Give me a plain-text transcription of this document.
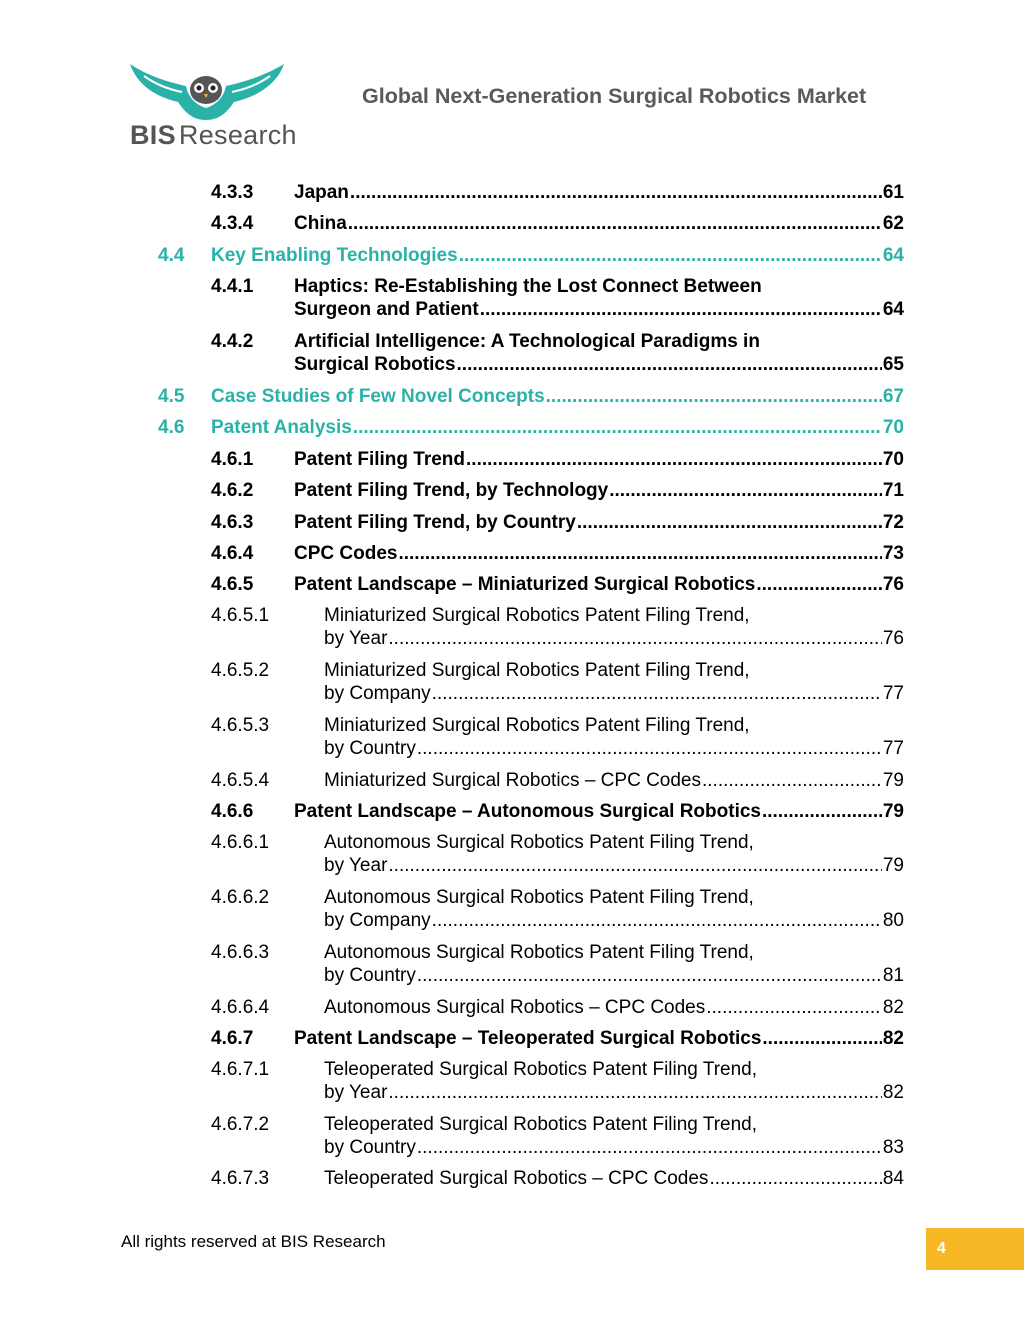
BIS Research
Global Next-Generation Surgical Robotics Market
4.3.3 Japan .....	61
4.3.4 China .....	62
4.4 Key Enabling Technologies .....	64
4.4.1 Haptics: Re-Establishing the Lost Connect Between
Surgeon and Patient .....	64
4.4.2 Artificial Intelligence: A Technological Paradigms in
Surgical Robotics .....	65
4.5 Case Studies of Few Novel Concepts .....	67
4.6 Patent Analysis .....	70
4.6.1 Patent Filing Trend .....	70
4.6.2 Patent Filing Trend, by Technology .....	71
4.6.3 Patent Filing Trend, by Country .....	72
4.6.4 CPC Codes .....	73
4.6.5 Patent Landscape – Miniaturized Surgical Robotics .....	76
4.6.5.1	Miniaturized Surgical Robotics Patent Filing Trend,
by Year .....	76
4.6.5.2	Miniaturized Surgical Robotics Patent Filing Trend,
by Company .....	77
4.6.5.3	Miniaturized Surgical Robotics Patent Filing Trend,
by Country .....	77
4.6.5.4	Miniaturized Surgical Robotics – CPC Codes .....	79
4.6.6 Patent Landscape – Autonomous Surgical Robotics .....	79
4.6.6.1	Autonomous Surgical Robotics Patent Filing Trend,
by Year .....	79
4.6.6.2	Autonomous Surgical Robotics Patent Filing Trend,
by Company .....	80
4.6.6.3	Autonomous Surgical Robotics Patent Filing Trend,
by Country .....	81
4.6.6.4	Autonomous Surgical Robotics – CPC Codes .....	82
4.6.7 Patent Landscape – Teleoperated Surgical Robotics .....	82
4.6.7.1	Teleoperated Surgical Robotics Patent Filing Trend,
by Year .....	82
4.6.7.2	Teleoperated Surgical Robotics Patent Filing Trend,
by Country .....	83
4.6.7.3	Teleoperated Surgical Robotics – CPC Codes .....	84
All rights reserved at BIS Research	4
